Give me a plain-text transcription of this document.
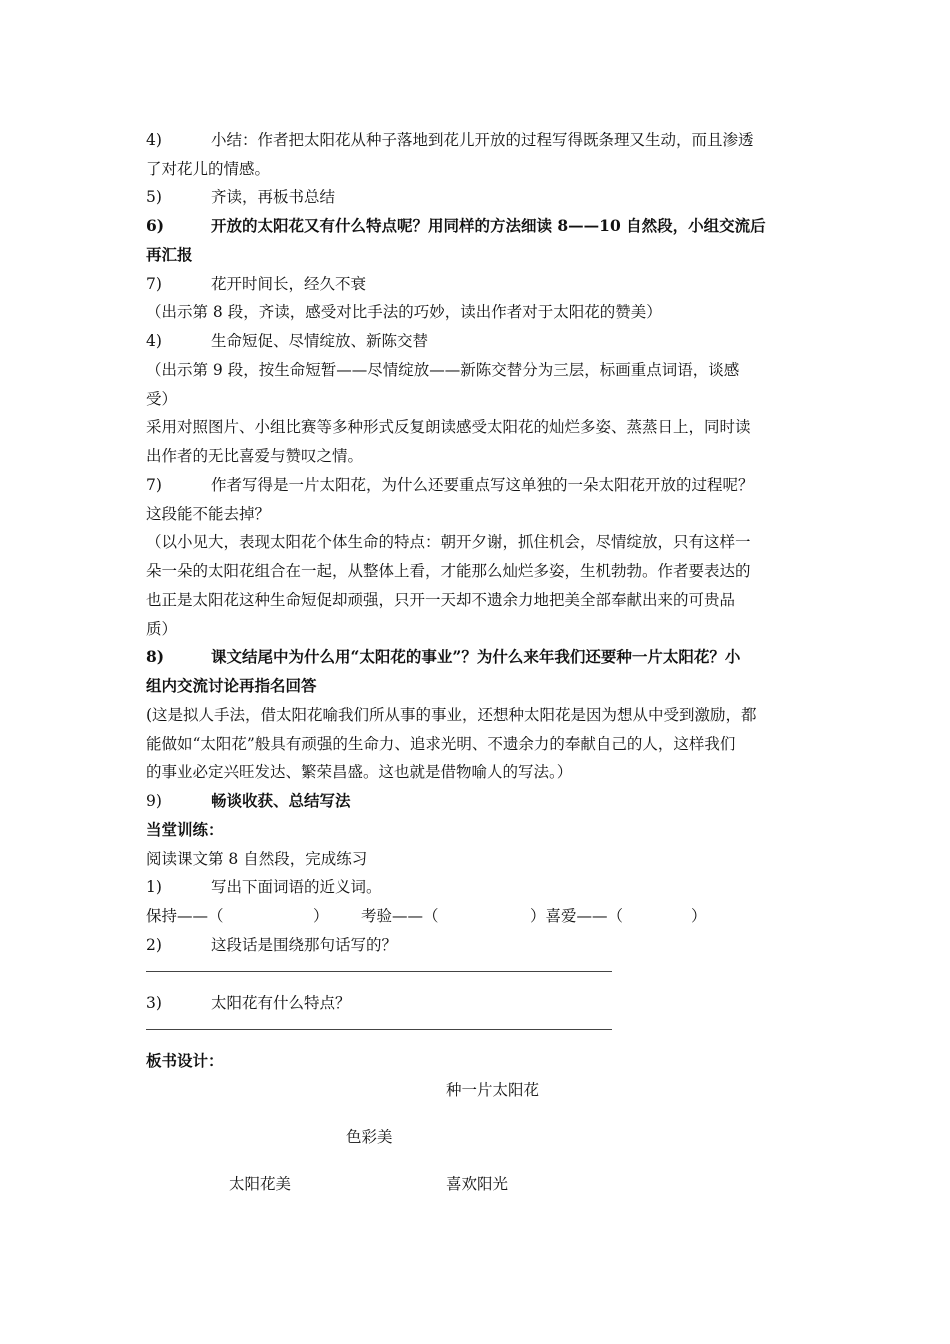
4)	小结：作者把太阳花从种子落地到花儿开放的过程写得既条理又生动，而且渗透
了对花儿的情感。
5)	齐读，再板书总结
6)	开放的太阳花又有什么特点呢？用同样的方法细读 8——10 自然段，小组交流后
再汇报
7)	花开时间长，经久不衰
（出示第 8 段，齐读，感受对比手法的巧妙，读出作者对于太阳花的赞美）
4)	生命短促、尽情绽放、新陈交替
（出示第 9 段，按生命短暂——尽情绽放——新陈交替分为三层，标画重点词语，谈感
受）
采用对照图片、小组比赛等多种形式反复朗读感受太阳花的灿烂多姿、蒸蒸日上，同时读
出作者的无比喜爱与赞叹之情。
7)	作者写得是一片太阳花，为什么还要重点写这单独的一朵太阳花开放的过程呢？
这段能不能去掉？
（以小见大，表现太阳花个体生命的特点：朝开夕谢，抓住机会，尽情绽放，只有这样一
朵一朵的太阳花组合在一起，从整体上看，才能那么灿烂多姿，生机勃勃。作者要表达的
也正是太阳花这种生命短促却顽强，只开一天却不遗余力地把美全部奉献出来的可贵品
质）
8)	课文结尾中为什么用“太阳花的事业”？为什么来年我们还要种一片太阳花？小
组内交流讨论再指名回答
(这是拟人手法，借太阳花喻我们所从事的事业，还想种太阳花是因为想从中受到激励，都
能做如“太阳花”般具有顽强的生命力、追求光明、不遗余力的奉献自己的人，这样我们
的事业必定兴旺发达、繁荣昌盛。这也就是借物喻人的写法。）
9)	畅谈收获、总结写法
当堂训练：
阅读课文第 8 自然段，完成练习
1)	写出下面词语的近义词。
保持——（	） 考验——（	）喜爱——（	）
2)	这段话是围绕那句话写的？
3)	太阳花有什么特点？
板书设计：
种一片太阳花
色彩美
太阳花美	喜欢阳光
